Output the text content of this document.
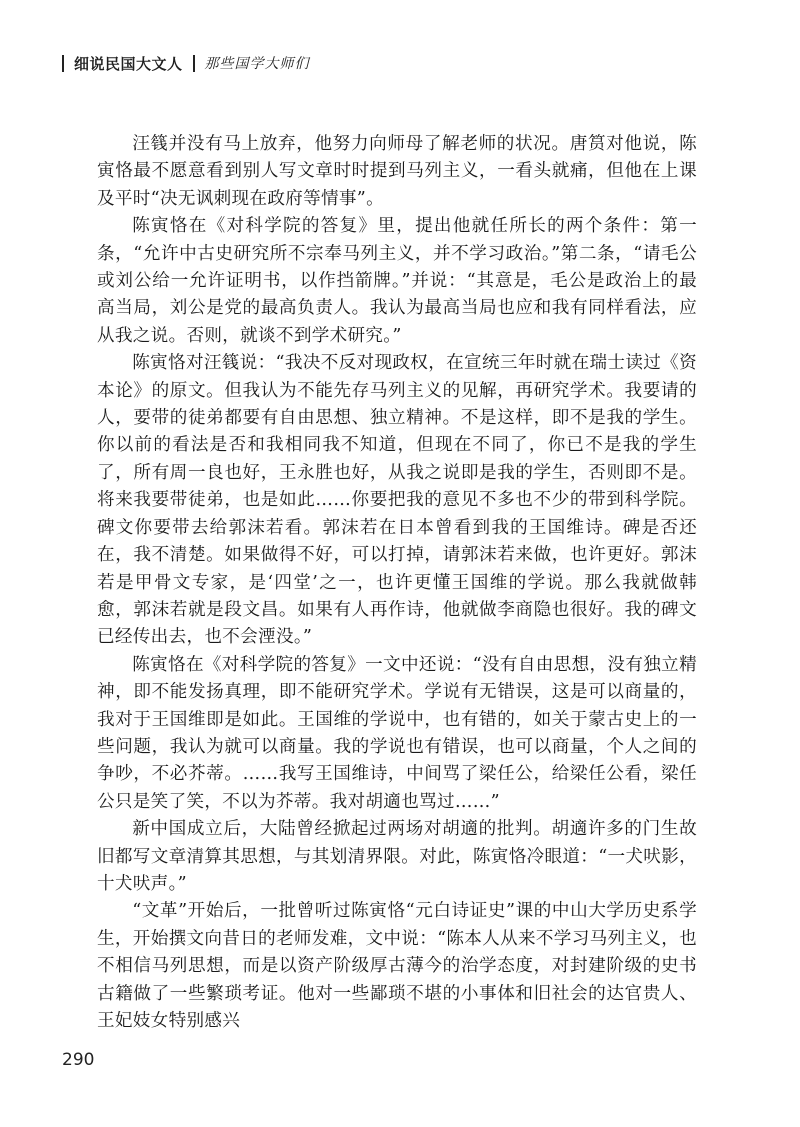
细说民国大文人 那些国学大师们

汪篯并没有马上放弃，他努力向师母了解老师的状况。唐筼对他说，陈寅恪最不愿意看到别人写文章时时提到马列主义，一看头就痛，但他在上课及平时“决无讽刺现在政府等情事”。

陈寅恪在《对科学院的答复》里，提出他就任所长的两个条件：第一条，“允许中古史研究所不宗奉马列主义，并不学习政治。”第二条，“请毛公或刘公给一允许证明书，以作挡箭牌。”并说：“其意是，毛公是政治上的最高当局，刘公是党的最高负责人。我认为最高当局也应和我有同样看法，应从我之说。否则，就谈不到学术研究。”

陈寅恪对汪篯说：“我决不反对现政权，在宣统三年时就在瑞士读过《资本论》的原文。但我认为不能先存马列主义的见解，再研究学术。我要请的人，要带的徒弟都要有自由思想、独立精神。不是这样，即不是我的学生。你以前的看法是否和我相同我不知道，但现在不同了，你已不是我的学生了，所有周一良也好，王永胜也好，从我之说即是我的学生，否则即不是。将来我要带徒弟，也是如此……你要把我的意见不多也不少的带到科学院。碑文你要带去给郭沫若看。郭沫若在日本曾看到我的王国维诗。碑是否还在，我不清楚。如果做得不好，可以打掉，请郭沫若来做，也许更好。郭沫若是甲骨文专家，是‘四堂’之一，也许更懂王国维的学说。那么我就做韩愈，郭沫若就是段文昌。如果有人再作诗，他就做李商隐也很好。我的碑文已经传出去，也不会湮没。”

陈寅恪在《对科学院的答复》一文中还说：“没有自由思想，没有独立精神，即不能发扬真理，即不能研究学术。学说有无错误，这是可以商量的，我对于王国维即是如此。王国维的学说中，也有错的，如关于蒙古史上的一些问题，我认为就可以商量。我的学说也有错误，也可以商量，个人之间的争吵，不必芥蒂。……我写王国维诗，中间骂了梁任公，给梁任公看，梁任公只是笑了笑，不以为芥蒂。我对胡適也骂过……”

新中国成立后，大陆曾经掀起过两场对胡適的批判。胡適许多的门生故旧都写文章清算其思想，与其划清界限。对此，陈寅恪冷眼道：“一犬吠影，十犬吠声。”

“文革”开始后，一批曾听过陈寅恪“元白诗证史”课的中山大学历史系学生，开始撰文向昔日的老师发难，文中说：“陈本人从来不学习马列主义，也不相信马列思想，而是以资产阶级厚古薄今的治学态度，对封建阶级的史书古籍做了一些繁琐考证。他对一些鄙琐不堪的小事体和旧社会的达官贵人、王妃妓女特别感兴

290
